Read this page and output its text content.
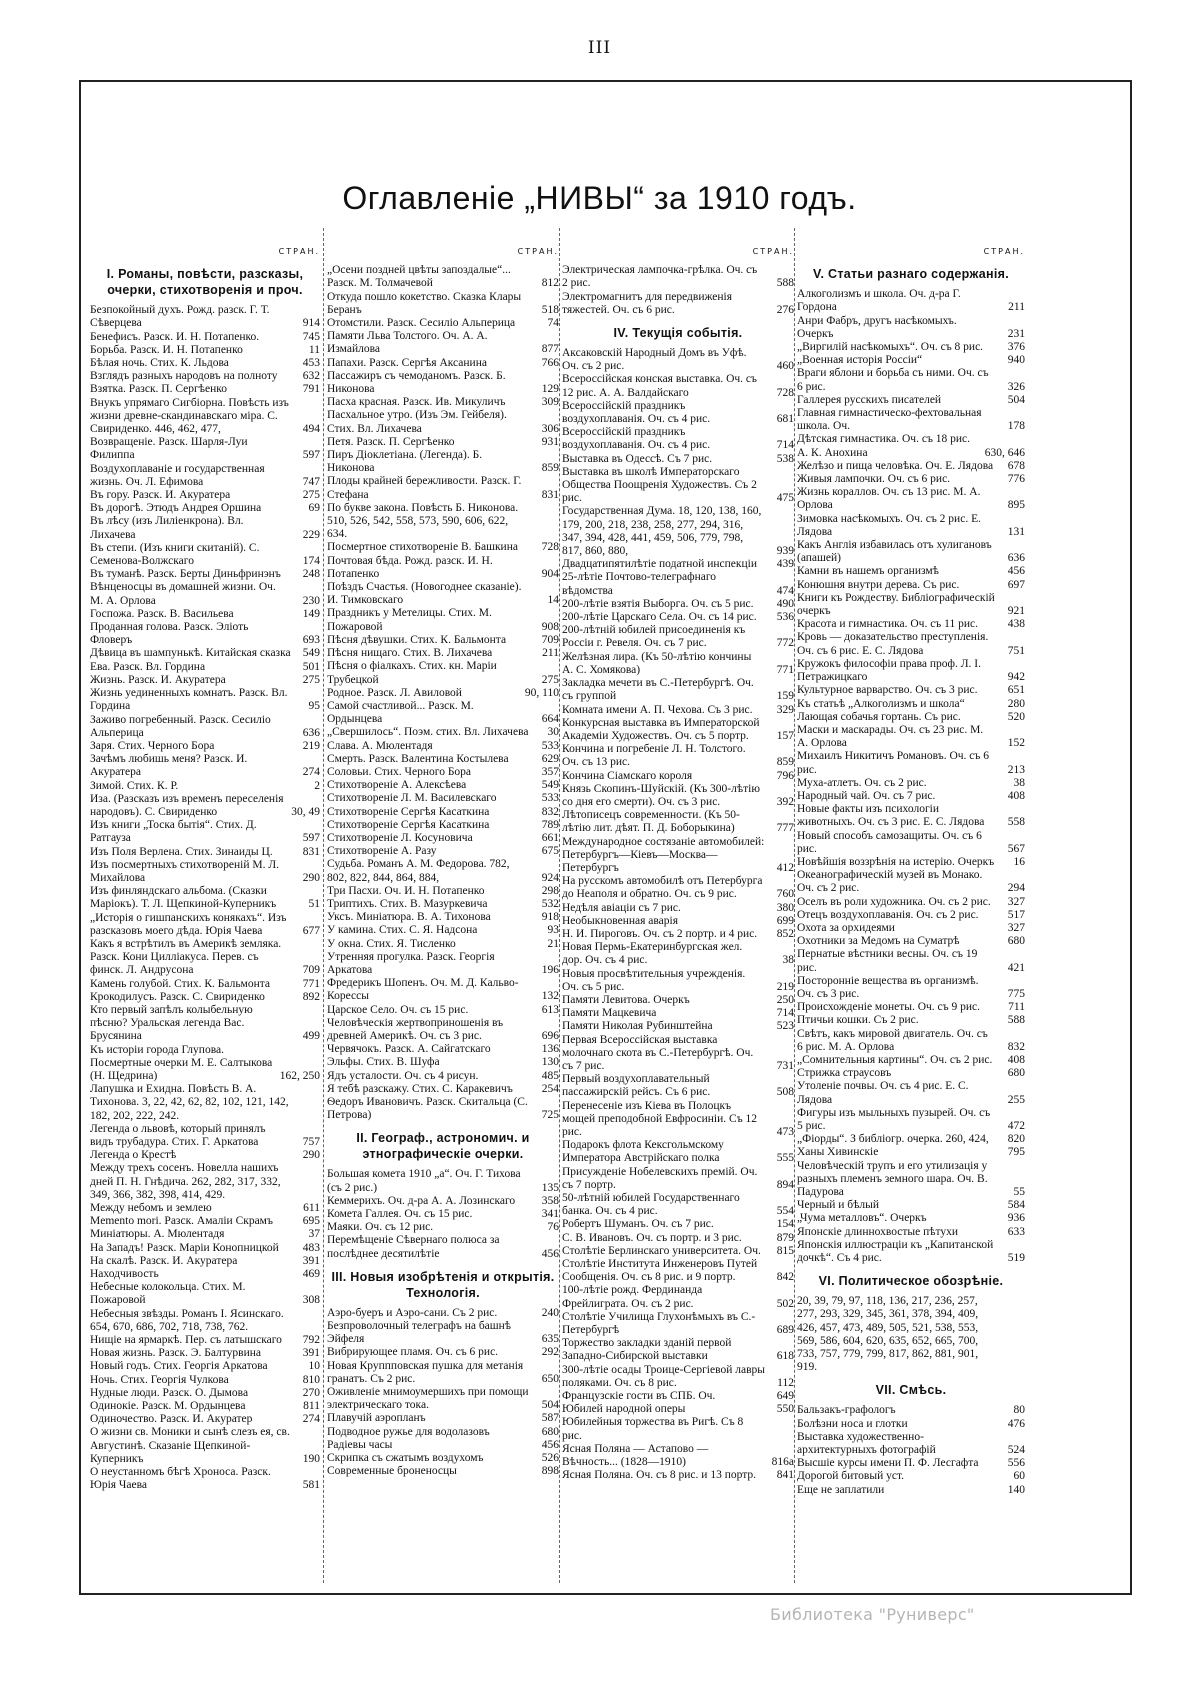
III
Оглавленіе „НИВЫ“ за 1910 годъ.
СТРАН.
I. Романы, повѣсти, разсказы, очерки, стихотворенія и проч.
Безпокойный духъ. Рожд. разск. Г. Т. Сѣверцева	914
Бенефисъ. Разск. И. Н. Потапенко.	745
Борьба. Разск. И. Н. Потапенко	11
Бѣлая ночь. Стих. К. Льдова	453
Взглядъ разныхъ народовъ на полноту	632
Взятка. Разск. П. Сергѣенко	791
Внукъ упрямаго Сигбіорна. Повѣсть изъ жизни древне-скандинавскаго міра. С. Свириденко. 446, 462, 477,	494
Возвращеніе. Разск. Шарля-Луи Филиппа	597
Воздухоплаваніе и государственная жизнь. Оч. Л. Ефимова	747
Въ гору. Разск. И. Акуратера	275
Въ дорогѣ. Этюдъ Андрея Оршина	69
Въ лѣсу (изъ Лиліенкрона). Вл. Лихачева	229
Въ степи. (Изъ книги скитаній). С. Семенова-Волжскаго	174
Въ туманѣ. Разск. Берты Диньфринэнъ	248
Вѣнценосцы въ домашней жизни. Оч. М. А. Орлова	230
Госпожа. Разск. В. Васильева	149
Проданная голова. Разск. Эліоть Фловеръ	693
Дѣвица въ шампунькѣ. Китайская сказка	549
Ева. Разск. Вл. Гордина	501
Жизнь. Разск. И. Акуратера	275
Жизнь уединенныхъ комнатъ. Разск. Вл. Гордина	95
Заживо погребенный. Разск. Сесиліо Альперица	636
Заря. Стих. Черного Бора	219
Зачѣмъ любишь меня? Разск. И. Акуратера	274
Зимой. Стих. К. Р.	2
Иза. (Разсказъ изъ временъ переселенія народовъ). С. Свириденко	30, 49
Изъ книги „Тоска бытія“. Стих. Д. Ратгауза	597
Изъ Поля Верлена. Стих. Зинаиды Ц.	831
Изъ посмертныхъ стихотвореній М. Л. Михайлова	290
Изъ финляндскаго альбома. (Сказки Маріокъ). Т. Л. Щепкиной-Куперникъ	51
„Исторія о гишпанскихъ конякахъ“. Изъ разсказовъ моего дѣда. Юрія Чаева	677
Какъ я встрѣтилъ въ Америкѣ земляка. Разск. Кони Цилліакуса. Перев. съ финск. Л. Андрусона	709
Камень голубой. Стих. К. Бальмонта	771
Крокодилусъ. Разск. С. Свириденко	892
Кто первый запѣлъ колыбельную пѣсню? Уральская легенда Вас. Брусянина	499
Къ исторіи города Глупова. Посмертные очерки М. Е. Салтыкова (Н. Щедрина)	162, 250
Лапушка и Ехидна. Повѣсть В. А. Тихонова. 3, 22, 42, 62, 82, 102, 121, 142, 182, 202, 222, 242.
Легенда о львовѣ, который принялъ видъ трубадура. Стих. Г. Аркатова	757
Легенда о Крестѣ	290
Между трехъ сосенъ. Новелла нашихъ дней П. Н. Гнѣдича. 262, 282, 317, 332, 349, 366, 382, 398, 414, 429.
Между небомъ и землею	611
Memento mori. Разск. Амаліи Скрамъ	695
Миніатюры. А. Мюлентадя	37
На Западъ! Разск. Маріи Конопницкой	483
На скалѣ. Разск. И. Акуратера	391
Находчивость	469
Небесные колокольца. Стих. М. Пожаровой	308
Небесныя звѣзды. Романъ I. Ясинскаго. 654, 670, 686, 702, 718, 738, 762.
Нищіе на ярмаркѣ. Пер. съ латышскаго	792
Новая жизнь. Разск. Э. Балтурвина	391
Новый годъ. Стих. Георгія Аркатова	10
Ночь. Стих. Георгія Чулкова	810
Нудные люди. Разск. О. Дымова	270
Одинокіе. Разск. М. Ордынцева	811
Одиночество. Разск. И. Акуратер	274
О жизни св. Моники и сынѣ слезъ ея, св. Августинѣ. Сказаніе Щепкиной-Куперникъ	190
О неустанномъ бѣгѣ Хроноса. Разск. Юрія Чаева	581
СТРАН.
„Осени поздней цвѣты запоздалые“... Разск. М. Толмачевой	812
Откуда пошло кокетство. Сказка Клары Беранъ	518
Отомстили. Разск. Сесиліо Альперица	74
Памяти Льва Толстого. Оч. А. А. Измайлова	877
Папахи. Разск. Сергѣя Аксанина	766
Пассажиръ съ чемоданомъ. Разск. Б. Никонова	129
Пасха красная. Разск. Ив. Микуличъ	309
Пасхальное утро. (Изъ Эм. Гейбеля). Стих. Вл. Лихачева	306
Петя. Разск. П. Сергѣенко	931
Пиръ Діоклетіана. (Легенда). Б. Никонова	859
Плоды крайней бережливости. Разск. Г. Стефана	831
По букве закона. Повѣсть Б. Никонова. 510, 526, 542, 558, 573, 590, 606, 622, 634.
Посмертное стихотвореніе В. Башкина	728
Почтовая бѣда. Рожд. разск. И. Н. Потапенко	904
Поѣздъ Счастья. (Новогоднее сказаніе). И. Тимковскаго	14
Праздникъ у Метелицы. Стих. М. Пожаровой	908
Пѣсня дѣвушки. Стих. К. Бальмонта	709
Пѣсня нищаго. Стих. В. Лихачева	211
Пѣсня о фіалкахъ. Стих. кн. Маріи Трубецкой	275
Родное. Разск. Л. Авиловой	90, 110
Самой счастливой... Разск. М. Ордынцева	664
„Свершилось“. Поэм. стих. Вл. Лихачева	30
Слава. А. Мюлентадя	533
Смерть. Разск. Валентина Костылева	629
Соловьи. Стих. Черного Бора	357
Стихотвореніе А. Алексѣева	549
Стихотвореніе Л. М. Василевскаго	533
Стихотвореніе Сергѣя Касаткина	832
Стихотвореніе Сергѣя Касаткина	789
Стихотвореніе Л. Косуновича	661
Стихотвореніе А. Разу	675
Судьба. Романъ А. М. Федорова. 782, 802, 822, 844, 864, 884,	924
Три Пасхи. Оч. И. Н. Потапенко	298
Триптихъ. Стих. В. Мазуркевича	532
Уксъ. Миніатюра. В. А. Тихонова	918
У камина. Стих. С. Я. Надсона	93
У окна. Стих. Я. Тисленко	21
Утренняя прогулка. Разск. Георгія Аркатова	196
Фредерикъ Шопенъ. Оч. М. Д. Кальво-Корессы	132
Царское Село. Оч. съ 15 рис.	613
Человѣческія жертвоприношенія въ древней Америкѣ. Оч. съ 3 рис.	696
Червячокъ. Разск. А. Сайгатскаго	136
Эльфы. Стих. В. Шуфа	130
Ядъ усталости. Оч. съ 4 рисун.	485
Я тебѣ разскажу. Стих. С. Каракевичъ	254
Ѳедоръ Ивановичъ. Разск. Скитальца (С. Петрова)	725
II. Географ., астрономич. и этнографическіе очерки.
Большая комета 1910 „а“. Оч. Г. Тихова (съ 2 рис.)	135
Кеммерихъ. Оч. д-ра А. А. Лозинскаго	358
Комета Галлея. Оч. съ 15 рис.	341
Маяки. Оч. съ 12 рис.	76
Перемѣщеніе Сѣвернаго полюса за послѣднее десятилѣтіе	456
III. Новыя изобрѣтенія и открытія. Технологія.
Аэро-буеръ и Аэро-сани. Съ 2 рис.	240
Безпроволочный телеграфъ на башнѣ Эйфеля	635
Вибрирующее пламя. Оч. съ 6 рис.	292
Новая Круппповская пушка для метанія гранатъ. Съ 2 рис.	650
Оживленіе мнимоумершихъ при помощи электрическаго тока.	504
Плавучій аэропланъ	587
Подводное ружье для водолазовъ	680
Радіевы часы	456
Скрипка съ сжатымъ воздухомъ	526
Современные броненосцы	898
СТРАН.
Электрическая лампочка-грѣлка. Оч. съ 2 рис.	588
Электромагнитъ для передвиженія тяжестей. Оч. съ 6 рис.	276
IV. Текущія событія.
Аксаковскій Народный Домъ въ Уфѣ. Оч. съ 2 рис.	460
Всероссійская конская выставка. Оч. съ 12 рис. А. А. Валдайскаго	728
Всероссійскій праздникъ воздухоплаванія. Оч. съ 4 рис.	681
Всероссійскій праздникъ воздухоплаванія. Оч. съ 4 рис.	714
Выставка въ Одессѣ. Съ 7 рис.	538
Выставка въ школѣ Императорскаго Общества Поощренія Художествъ. Съ 2 рис.	475
Государственная Дума. 18, 120, 138, 160, 179, 200, 218, 238, 258, 277, 294, 316, 347, 394, 428, 441, 459, 506, 779, 798, 817, 860, 880,	939
Двадцатипятилѣтіе податной инспекціи	439
25-лѣтіе Почтово-телеграфнаго вѣдомства	474
200-лѣтіе взятія Выборга. Оч. съ 5 рис.	490
200-лѣтіе Царскаго Села. Оч. съ 14 рис.	536
200-лѣтній юбилей присоединенія къ Россіи г. Ревеля. Оч. съ 7 рис.	772
Желѣзная лира. (Къ 50-лѣтію кончины А. С. Хомякова)	771
Закладка мечети въ С.-Петербургѣ. Оч. съ группой	159
Комната имени А. П. Чехова. Съ 3 рис.	329
Конкурсная выставка въ Императорской Академіи Художествъ. Оч. съ 5 портр.	157
Кончина и погребеніе Л. Н. Толстого. Оч. съ 13 рис.	859
Кончина Сіамскаго короля	796
Князь Скопинъ-Шуйскій. (Къ 300-лѣтію со дня его смерти). Оч. съ 3 рис.	392
Лѣтописецъ современности. (Къ 50-лѣтію лит. дѣят. П. Д. Боборыкина)	777
Международное состязаніе автомобилей: Петербургъ—Кіевъ—Москва—Петербургъ	412
На русскомъ автомобилѣ отъ Петербурга до Неаполя и обратно. Оч. съ 9 рис.	760
Недѣля авіаціи съ 7 рис.	380
Необыкновенная аварія	699
Н. И. Пироговъ. Оч. съ 2 портр. и 4 рис.	852
Новая Пермь-Екатеринбургская жел. дор. Оч. съ 4 рис.	38
Новыя просвѣтительныя учрежденія. Оч. съ 5 рис.	219
Памяти Левитова. Очеркъ	250
Памяти Мацкевича	714
Памяти Николая Рубинштейна	523
Первая Всероссійская выставка молочнаго скота въ С.-Петербургѣ. Оч. съ 7 рис.	731
Первый воздухоплавательный пассажирскій рейсъ. Съ 6 рис.	508
Перенесеніе изъ Кіева въ Полоцкъ мощей преподобной Евфросиніи. Съ 12 рис.	473
Подарокъ флота Кексгольмскому Императора Австрійскаго полка	555
Присужденіе Нобелевскихъ премій. Оч. съ 7 портр.	894
50-лѣтній юбилей Государственнаго банка. Оч. съ 4 рис.	554
Робертъ Шуманъ. Оч. съ 7 рис.	154
С. В. Ивановъ. Оч. съ портр. и 3 рис.	879
Столѣтіе Берлинскаго университета. Оч.	815
Столѣтіе Института Инженеровъ Путей Сообщенія. Оч. съ 8 рис. и 9 портр.	842
100-лѣтіе рожд. Фердинанда Фрейлиграта. Оч. съ 2 рис.	502
Столѣтіе Училища Глухонѣмыхъ въ С.-Петербургѣ	689
Торжество закладки зданій первой Западно-Сибирской выставки	618
300-лѣтіе осады Троице-Сергіевой лавры поляками. Оч. съ 8 рис.	112
Французскіе гости въ СПБ. Оч.	649
Юбилей народной оперы	550
Юбилейныя торжества въ Ригѣ. Съ 8 рис.
Ясная Поляна — Астапово — Вѣчность... (1828—1910)	816а
Ясная Поляна. Оч. съ 8 рис. и 13 портр.	841
СТРАН.
V. Статьи разнаго содержанія.
Алкоголизмъ и школа. Оч. д-ра Г. Гордона	211
Анри Фабръ, другъ насѣкомыхъ. Очеркъ	231
„Виргилій насѣкомыхъ“. Оч. съ 8 рис.	376
„Военная исторія Россіи“	940
Враги яблони и борьба съ ними. Оч. съ 6 рис.	326
Галлерея русскихъ писателей	504
Главная гимнастическо-фехтовальная школа. Оч.	178
Дѣтская гимнастика. Оч. съ 18 рис. А. К. Анохина	630, 646
Желѣзо и пища человѣка. Оч. Е. Лядова	678
Живыя лампочки. Оч. съ 6 рис.	776
Жизнь кораллов. Оч. съ 13 рис. М. А. Орлова	895
Зимовка насѣкомыхъ. Оч. съ 2 рис. Е. Лядова	131
Какъ Англія избавилась отъ хулигановъ (апашей)	636
Камни въ нашемъ организмѣ	456
Конюшня внутри дерева. Съ рис.	697
Книги къ Рождеству. Библіографическій очеркъ	921
Красота и гимнастика. Оч. съ 11 рис.	438
Кровь — доказательство преступленія. Оч. съ 6 рис. Е. С. Лядова	751
Кружокъ философіи права проф. Л. I. Петражицкаго	942
Культурное варварство. Оч. съ 3 рис.	651
Къ статьѣ „Алкоголизмъ и школа“	280
Лающая собачья гортань. Съ рис.	520
Маски и маскарады. Оч. съ 23 рис. М. А. Орлова	152
Михаилъ Никитичъ Романовъ. Оч. съ 6 рис.	213
Муха-атлетъ. Оч. съ 2 рис.	38
Народный чай. Оч. съ 7 рис.	408
Новые факты изъ психологіи животныхъ. Оч. съ 3 рис. Е. С. Лядова	558
Новый способъ самозащиты. Оч. съ 6 рис.	567
Новѣйшія воззрѣнія на истерію. Очеркъ	16
Океанографическій музей въ Монако. Оч. съ 2 рис.	294
Оселъ въ роли художника. Оч. съ 2 рис.	327
Отецъ воздухоплаванія. Оч. съ 2 рис.	517
Охота за орхидеями	327
Охотники за Медомъ на Суматрѣ	680
Пернатые вѣстники весны. Оч. съ 19 рис.	421
Посторонніе вещества въ организмѣ. Оч. съ 3 рис.	775
Происхожденіе монеты. Оч. съ 9 рис.	711
Птичьи кошки. Съ 2 рис.	588
Свѣтъ, какъ мировой двигатель. Оч. съ 6 рис. М. А. Орлова	832
„Сомнительныя картины“. Оч. съ 2 рис.	408
Стрижка страусовъ	680
Утоленіе почвы. Оч. съ 4 рис. Е. С. Лядова	255
Фигуры изъ мыльныхъ пузырей. Оч. съ 5 рис.	472
„Фіорды“. З библіогр. очерка. 260, 424,	820
Ханы Хивинскіе	795
Человѣческій трупъ и его утилизація у разныхъ племенъ земного шара. Оч. В. Падурова	55
Черный и бѣлый	584
„Чума металловъ“. Очеркъ	936
Японскіе длиннохвостые пѣтухи	633
Японскія иллюстраціи къ „Капитанской дочкѣ“. Съ 4 рис.	519
VI. Политическое обозрѣніе.
20, 39, 79, 97, 118, 136, 217, 236, 257, 277, 293, 329, 345, 361, 378, 394, 409, 426, 457, 473, 489, 505, 521, 538, 553, 569, 586, 604, 620, 635, 652, 665, 700, 733, 757, 779, 799, 817, 862, 881, 901, 919.
VII. Смѣсь.
Бальзакъ-графологъ	80
Болѣзни носа и глотки	476
Выставка художественно-архитектурныхъ фотографій	524
Высшіе курсы имени П. Ф. Лесгафта	556
Дорогой битовый уст.	60
Еще не заплатили	140
Библиотека "Руниверс"
